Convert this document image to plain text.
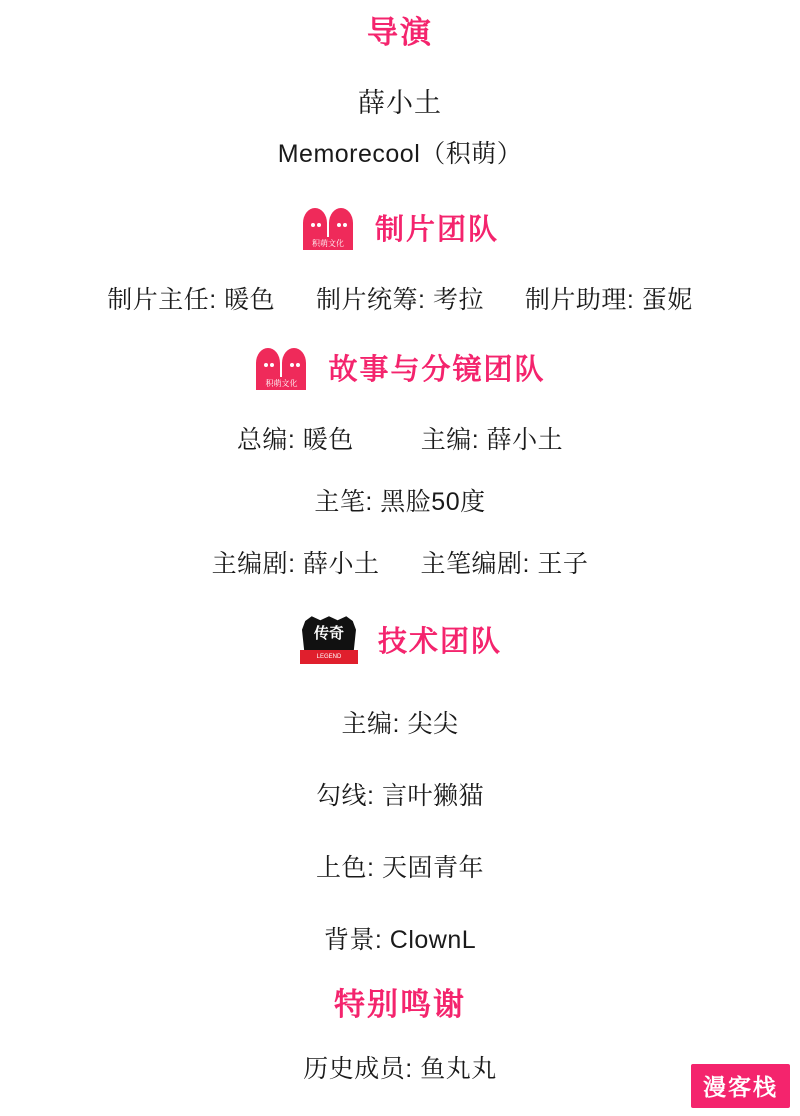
导演
薛小土
Memorecool（积萌）
积萌文化	制片团队
制片主任: 暖色 制片统筹: 考拉 制片助理: 蛋妮
积萌文化	故事与分镜团队
总编: 暖色	主编: 薛小土
主笔: 黑脸50度
主编剧: 薛小土 主笔编剧: 王子
传奇
LEGEND ANIMATION INDUSTRY
技术团队
主编: 尖尖
勾线: 言叶獭猫
上色: 天固青年
背景: ClownL
特别鸣谢
历史成员: 鱼丸丸
漫客栈
